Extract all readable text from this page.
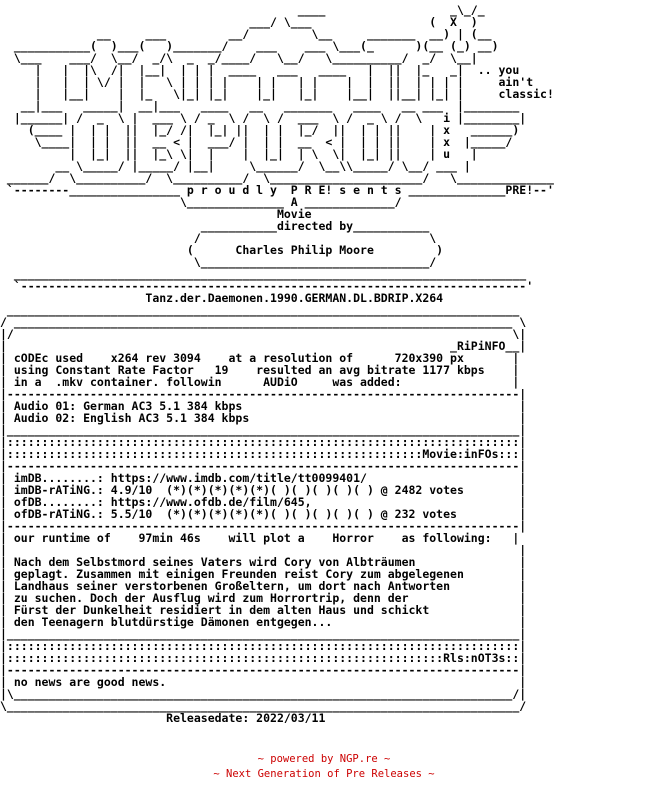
____                  _\_/_
___/ \___                 (  X  )
__     ___         __/         \__     _______  __) | (__
___________(  )___(   )_______/    ___    ___ \___(_      )(__ (_) __)
\___    ___/  \__/  _/\  _  _/____/   \__/   \__________/  _/  \__|
|   |  |\  /|  |__|  | | |  ____   ___   ____   |  ||  |_   _|  .. you
|   |  | \/ |  |   \ | | | |    | |   | |    |  |  ||  | | | |     ain't
|   |__|    |  |_   \|_| |_|    |_|   |_|    |__|  ||__| |_| |     classic!
__|___   _____|  __|___   ____   __   _______   ____   __ ___  |________
|______| /  _  \ |  ___ \ / _  \ /  \ /  ___  \ /  _ \ /  \   i |________|
(____ |  | |  ||  |_/ /|  |_| ||  | |  |_/  ||  | | ||    | x   ______)
\____|  | |  ||  __ < |  ___/ |  | |  __  < |  | | ||    | x  |_____/
|  |_|  ||  |_\ \|  |    |  |_|  | \  \|  |_| ||    | u   |
__ \_____/ |_____/ |__|     \______/  \__\\_____/ \__/ ___ |
______/  \__________/  \__________/  \______________________/   \______________
`--------________________ p r o u d l y  P R E! s e n t s ______________PRE!--'
\______________ A _____________/
Movie
___________directed by___________
/                                 \
(      Charles Philip Moore         )
\_________________________________/
__________________________________________________________________________
`-------------------------------------------------------------------------'
Tanz.der.Daemonen.1990.GERMAN.DL.BDRIP.X264
__________________________________________________________________________
/ ________________________________________________________________________ \
|/                                                                        \|
|                                                                _RiPiNFO__|
| cODEc used    x264 rev 3094    at a resolution of      720x390 px       |
| using Constant Rate Factor   19    resulted an avg bitrate 1177 kbps    |
| in a  .mkv container. followin      AUDiO     was added:                |
|--------------------------------------------------------------------------|
| Audio 01: German AC3 5.1 384 kbps                                        |
| Audio 02: English AC3 5.1 384 kbps                                       |
|__________________________________________________________________________|
|::::::::::::::::::::::::::::::::::::::::::::::::::::::::::::::::::::::::::|
|::::::::::::::::::::::::::::::::::::::::::::::::::::::::::::Movie:inFOs:::|
|--------------------------------------------------------------------------|
| imDB........: https://www.imdb.com/title/tt0099401/                      |
| imDB-rATiNG.: 4.9/10  (*)(*)(*)(*)(*)( )( )( )( )( ) @ 2482 votes        |
| ofDB........: https://www.ofdb.de/film/645,                              |
| ofDB-rATiNG.: 5.5/10  (*)(*)(*)(*)(*)( )( )( )( )( ) @ 232 votes         |
|--------------------------------------------------------------------------|
| our runtime of    97min 46s    will plot a    Horror    as following:   |
|                                                                          |
| Nach dem Selbstmord seines Vaters wird Cory von Albträumen               |
| geplagt. Zusammen mit einigen Freunden reist Cory zum abgelegenen        |
| Landhaus seiner verstorbenen Großeltern, um dort nach Antworten          |
| zu suchen. Doch der Ausflug wird zum Horrortrip, denn der                |
| Fürst der Dunkelheit residiert in dem alten Haus und schickt             |
| den Teenagern blutdürstige Dämonen entgegen...                           |
|__________________________________________________________________________|
|::::::::::::::::::::::::::::::::::::::::::::::::::::::::::::::::::::::::::|
|:::::::::::::::::::::::::::::::::::::::::::::::::::::::::::::::Rls:nOT3s::|
|--------------------------------------------------------------------------|
| no news are good news.                                                   |
|\________________________________________________________________________/|
\__________________________________________________________________________/
Releasedate: 2022/03/11
~ powered by NGP.re ~
~ Next Generation of Pre Releases ~
